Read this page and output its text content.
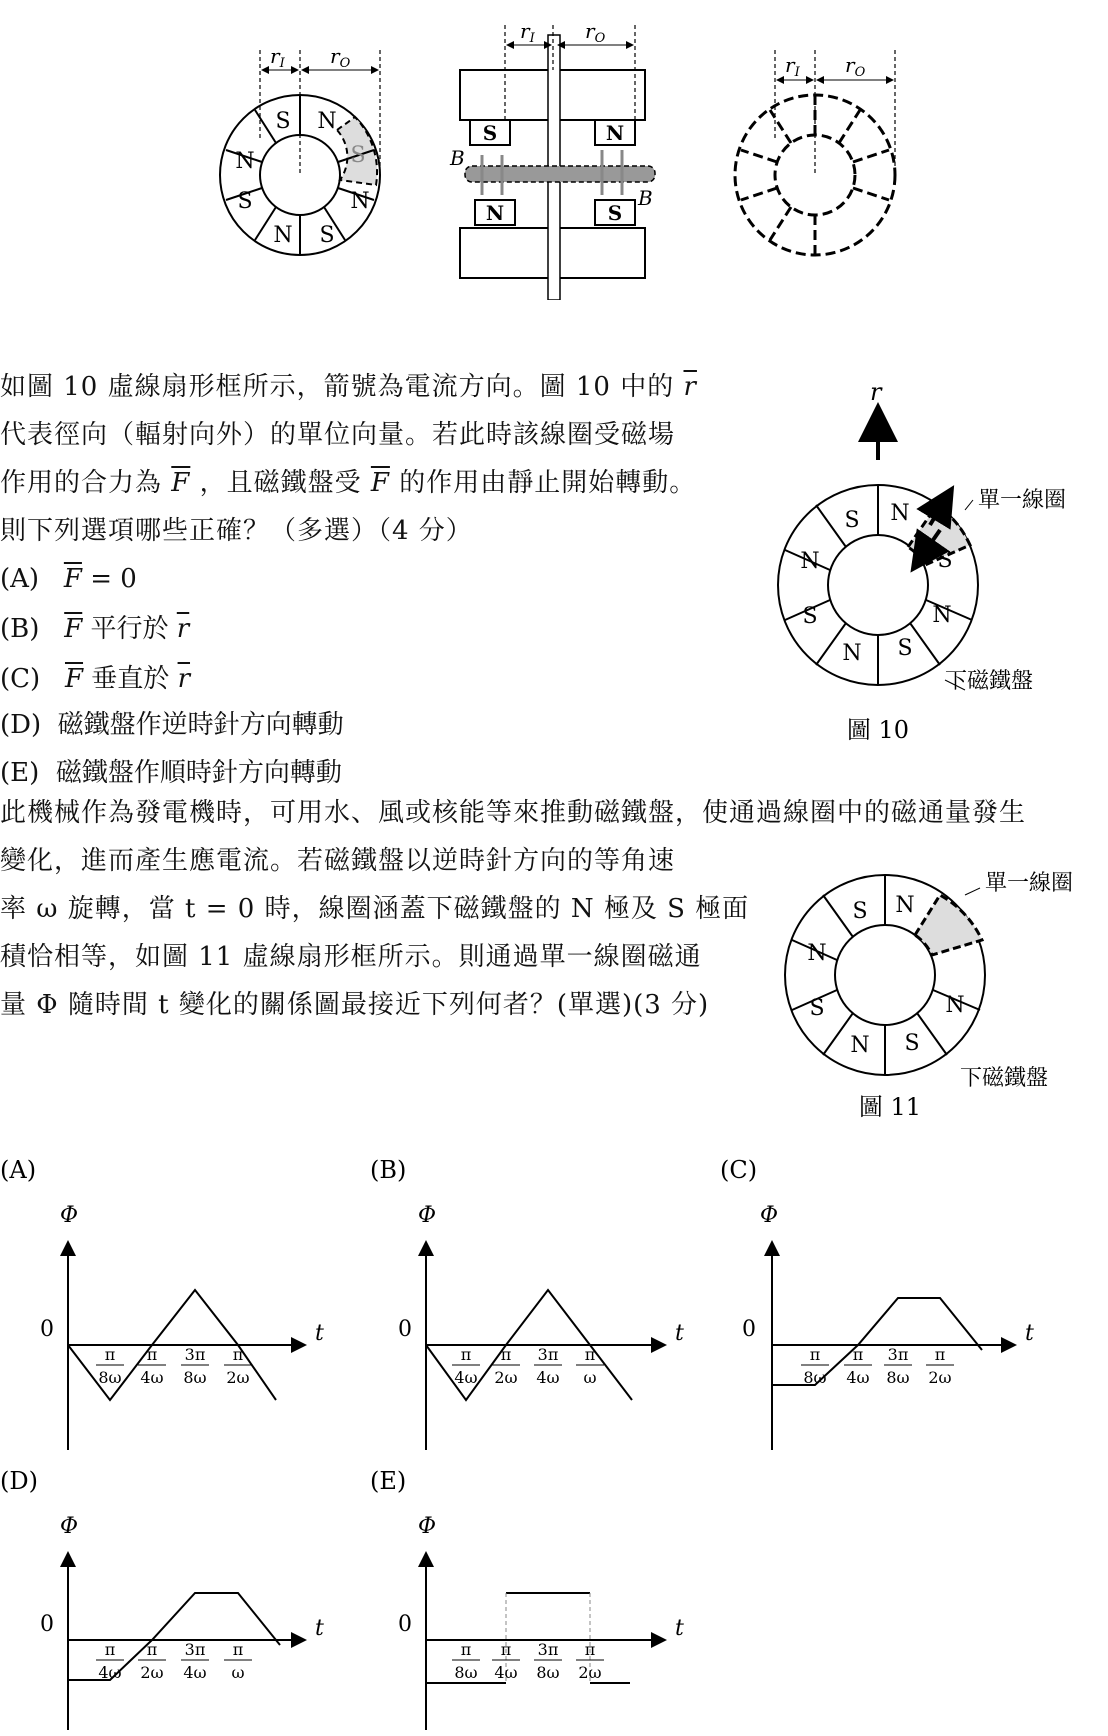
S N
S	N
S
N
N
S
$r_I$ $r_O$
S	N
N	S
B
B
$r_I$	$r_O$
$r_I$ $r_O$
如圖 10 虛線扇形框所示，箭號為電流方向。圖 10 中的 $\overline{r}$
代表徑向（輻射向外）的單位向量。若此時該線圈受磁場
作用的合力為 $\overline{F}$ ，且磁鐵盤受 $\overline{F}$ 的作用由靜止開始轉動。
則下列選項哪些正確？（多選）（4 分）
(A) $\overline{F} = 0$
(B) $\overline{F}$ 平行於 $\overline{r}$
(C) $\overline{F}$ 垂直於 $\overline{r}$
(D) 磁鐵盤作逆時針方向轉動
(E) 磁鐵盤作順時針方向轉動
r
S N
N	S
S	N
N S
單一線圈
下磁鐵盤
圖 10
此機械作為發電機時，可用水、風或核能等來推動磁鐵盤，使通過線圈中的磁通量發生
變化，進而產生應電流。若磁鐵盤以逆時針方向的等角速
率 ω 旋轉，當 t = 0 時，線圈涵蓋下磁鐵盤的 N 極及 S 極面
積恰相等，如圖 11 虛線扇形框所示。則通過單一線圈磁通
量 Φ 隨時間 t 變化的關係圖最接近下列何者？(單選)(3 分)
S N
N
S	N
N S
單一線圈
下磁鐵盤
圖 11
(A)
Φ
0	t
π
8ω
π
4ω
3π
8ω
π
2ω
(B)
Φ
0	t
π
4ω
π
2ω
3π
4ω
π
ω
(C)
Φ
0	t
π
8ω
π
4ω
3π
8ω
π
2ω
(D)
Φ
0	t
π
4ω
π
2ω
3π
4ω
π
ω
(E)
Φ
0	t
π
8ω
π
4ω
3π
8ω
π
2ω
